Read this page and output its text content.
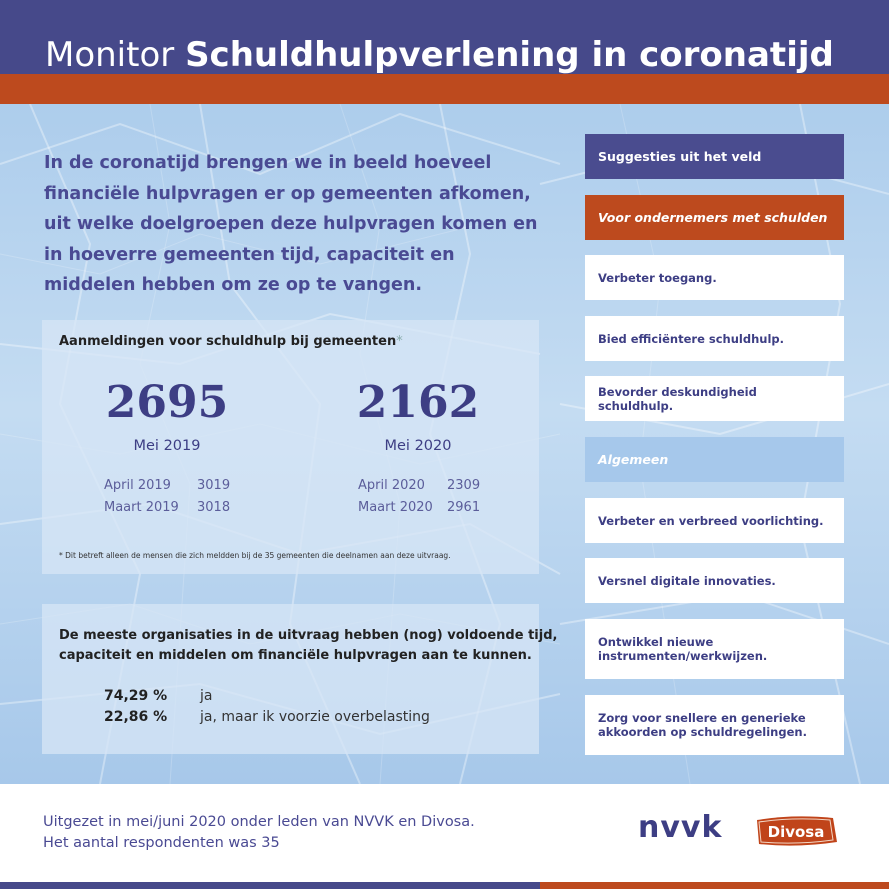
Monitor Schuldhulpverlening in coronatijd
In de coronatijd brengen we in beeld hoeveel financiële hulpvragen er op gemeenten afkomen, uit welke doelgroepen deze hulpvragen komen en in hoeverre gemeenten tijd, capaciteit en middelen hebben om ze op te vangen.
Aanmeldingen voor schuldhulp bij gemeenten*
2695
Mei 2019
April 2019 3019
Maart 2019 3018
2162
Mei 2020
April 2020 2309
Maart 2020 2961
* Dit betreft alleen de mensen die zich meldden bij de 35 gemeenten die deelnamen aan deze uitvraag.
De meeste organisaties in de uitvraag hebben (nog) voldoende tijd,
capaciteit en middelen om financiële hulpvragen aan te kunnen.
74,29 % ja
22,86 % ja, maar ik voorzie overbelasting
Suggesties uit het veld
Voor ondernemers met schulden
Verbeter toegang.
Bied efficiëntere schuldhulp.
Bevorder deskundigheid schuldhulp.
Algemeen
Verbeter en verbreed voorlichting.
Versnel digitale innovaties.
Ontwikkel nieuwe instrumenten/werkwijzen.
Zorg voor snellere en generieke akkoorden op schuldregelingen.
Uitgezet in mei/juni 2020 onder leden van NVVK en Divosa.
Het aantal respondenten was 35	nvvk	Divosa
